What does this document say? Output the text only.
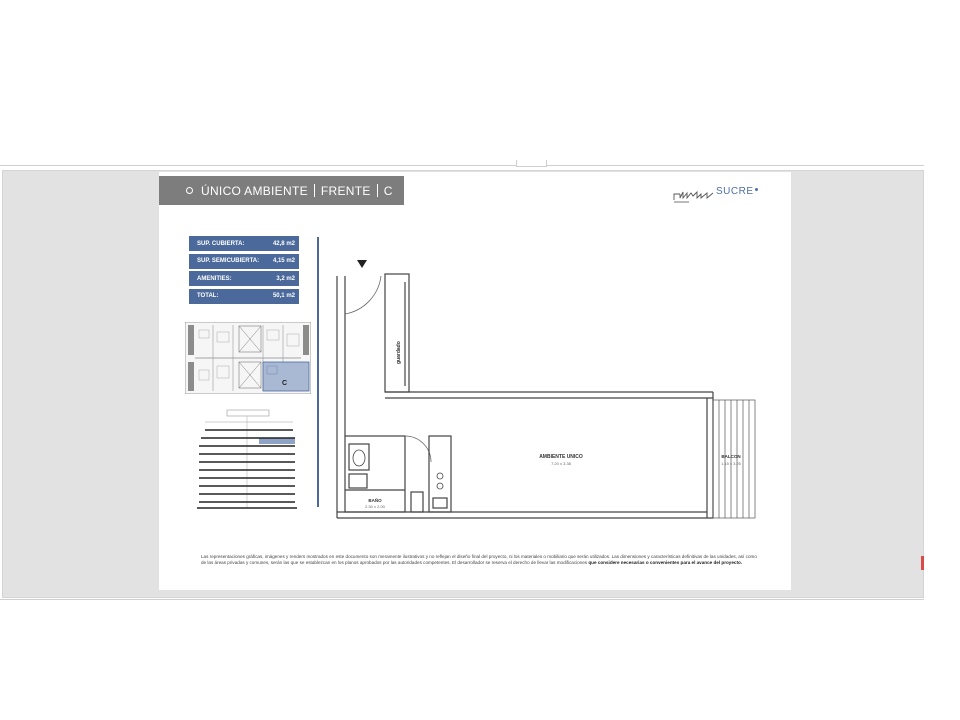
ÚNICO AMBIENTE FRENTE C	SUCRE
SUP. CUBIERTA:	42,8 m2
SUP. SEMICUBIERTA: 4,15 m2
AMENITIES:	3,2 m2
TOTAL:	50,1 m2
C
guardado
AMBIENTE UNICO
7.20 x 3.38
BALCON
1.15 x 3.25
BAÑO
2.30 x 2.00
Las representaciones gráficas, imágenes y renders mostrados en este documento son meramente ilustrativos y no reflejan el diseño final del proyecto, ni los materiales o mobiliario que serán utilizados. Las dimensiones y características definitivas de las unidades, así como de las áreas privadas y comunes, serán las que se establezcan en los planos aprobados por las autoridades competentes. El desarrollador se reserva el derecho de llevar las modificaciones que considere necesarias o convenientes para el avance del proyecto.
